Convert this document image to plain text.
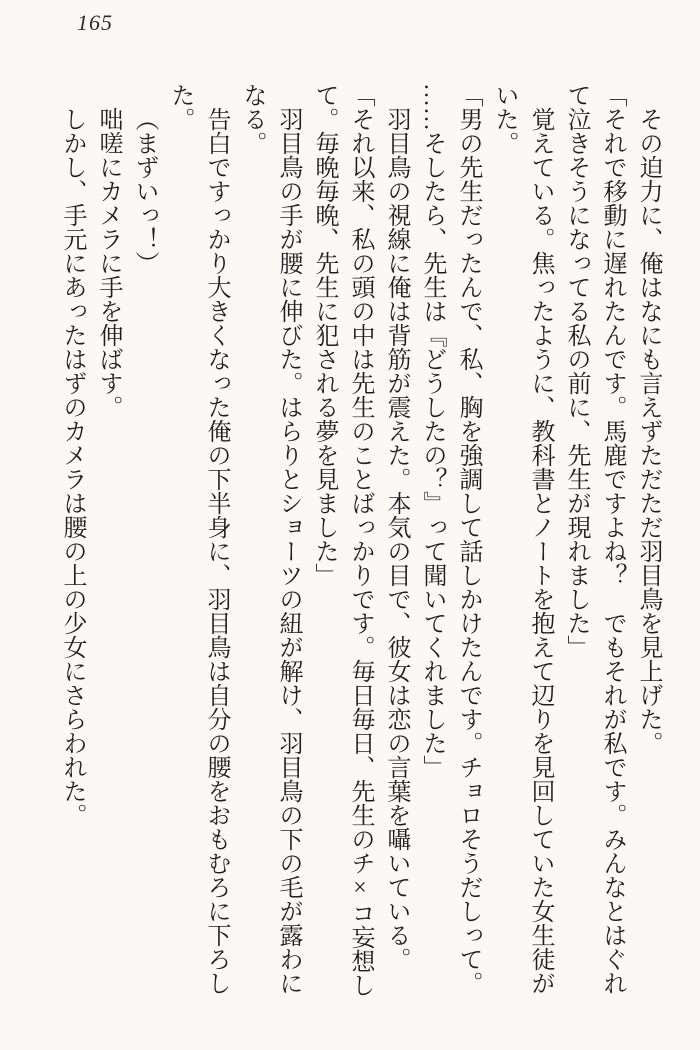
165
その迫力に、俺はなにも言えずただただ羽目鳥を見上げた。
「それで移動に遅れたんです。馬鹿ですよね？　でもそれが私です。みんなとはぐれ
て泣きそうになってる私の前に、先生が現れました」
覚えている。焦ったように、教科書とノートを抱えて辺りを見回していた女生徒が
いた。
「男の先生だったんで、私、胸を強調して話しかけたんです。チョロそうだしって。
……そしたら、先生は『どうしたの？』って聞いてくれました」
羽目鳥の視線に俺は背筋が震えた。本気の目で、彼女は恋の言葉を囁いている。
「それ以来、私の頭の中は先生のことばっかりです。毎日毎日、先生のチ×コ妄想し
て。毎晩毎晩、先生に犯される夢を見ました」
羽目鳥の手が腰に伸びた。はらりとショーツの紐が解け、羽目鳥の下の毛が露わに
なる。
告白ですっかり大きくなった俺の下半身に、羽目鳥は自分の腰をおもむろに下ろし
た。
（まずいっ！）
咄嗟にカメラに手を伸ばす。
しかし、手元にあったはずのカメラは腰の上の少女にさらわれた。
